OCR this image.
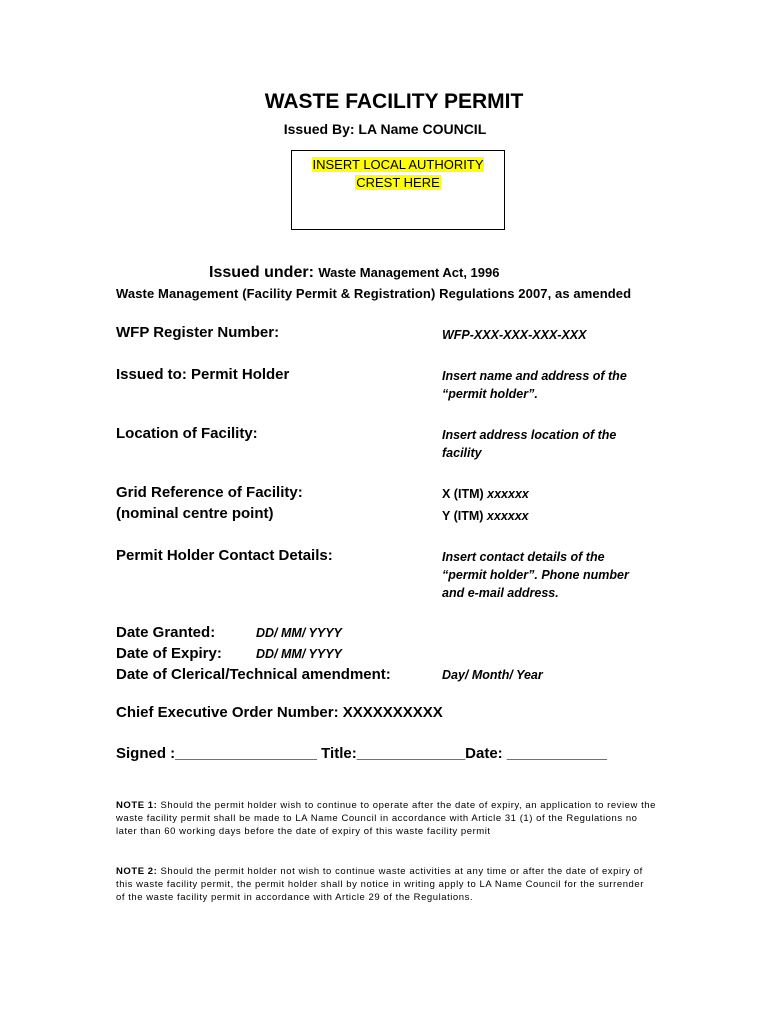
WASTE FACILITY PERMIT
Issued By: LA Name COUNCIL
INSERT LOCAL AUTHORITY
CREST HERE
Issued under: Waste Management Act, 1996
Waste Management (Facility Permit & Registration) Regulations 2007, as amended
WFP Register Number:	WFP-XXX-XXX-XXX-XXX
Issued to: Permit Holder	Insert name and address of the
“permit holder”.
Location of Facility:	Insert address location of the
facility
Grid Reference of Facility:
(nominal centre point)
X (ITM) xxxxxx
Y (ITM) xxxxxx
Permit Holder Contact Details:	Insert contact details of the
“permit holder”. Phone number
and e-mail address.
Date Granted:	DD/ MM/ YYYY
Date of Expiry:	DD/ MM/ YYYY
Date of Clerical/Technical amendment:	Day/ Month/ Year
Chief Executive Order Number: XXXXXXXXXX
Signed :_________________ Title:_____________Date: ____________
NOTE 1: Should the permit holder wish to continue to operate after the date of expiry, an application to review the waste facility permit shall be made to LA Name Council in accordance with Article 31 (1) of the Regulations no later than 60 working days before the date of expiry of this waste facility permit
NOTE 2: Should the permit holder not wish to continue waste activities at any time or after the date of expiry of this waste facility permit, the permit holder shall by notice in writing apply to LA Name Council for the surrender of the waste facility permit in accordance with Article 29 of the Regulations.
